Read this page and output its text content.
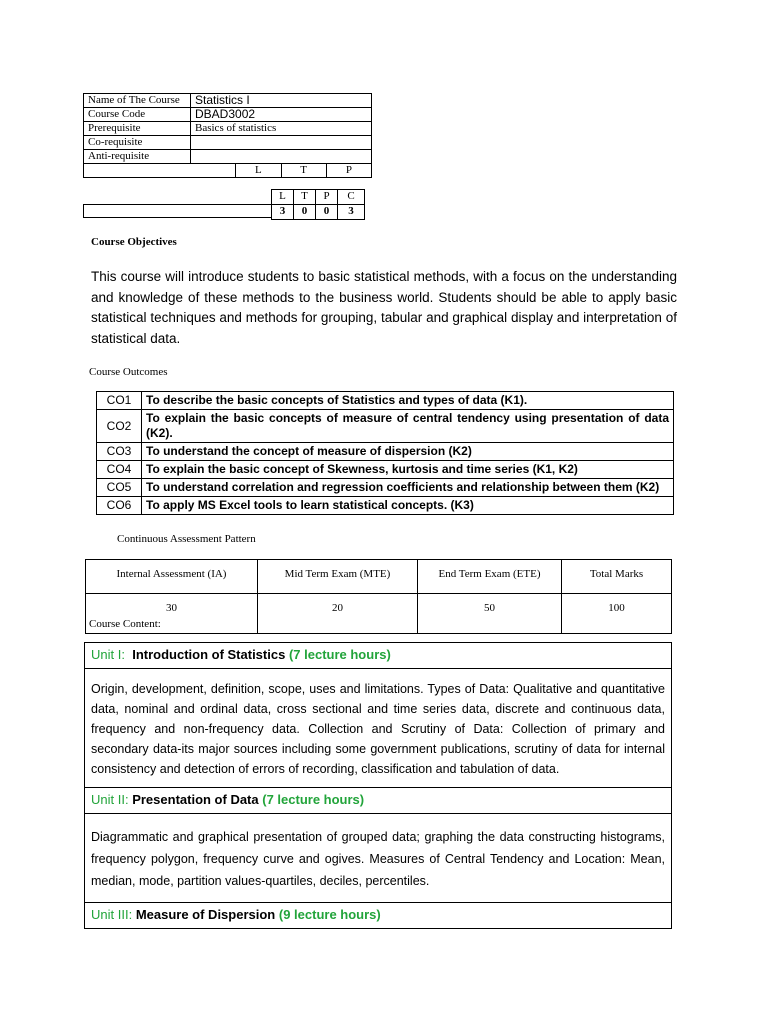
Name of The Course	Statistics I			
Course Code	DBAD3002			
Prerequisite	Basics of statistics			
Co-requisite				
Anti-requisite				
		L	T	P
L	T	P	C
3	0	0	3
Course Objectives

This course will introduce students to basic statistical methods, with a focus on the understanding and knowledge of these methods to the business world. Students should be able to apply basic statistical techniques and methods for grouping, tabular and graphical display and interpretation of statistical data.

Course Outcomes
CO1	To describe the basic concepts of Statistics and types of data (K1).
CO2	To explain the basic concepts of measure of central tendency using presentation of data (K2).
CO3	To understand the concept of measure of dispersion (K2)
CO4	To explain the basic concept of Skewness, kurtosis and time series (K1, K2)
CO5	To understand correlation and regression coefficients and relationship between them (K2)
CO6	To apply MS Excel tools to learn statistical concepts. (K3)
Continuous Assessment Pattern
Internal Assessment (IA)	Mid Term Exam (MTE)	End Term Exam (ETE)	Total Marks
30	20	50	100
Course Content:
Unit I: Introduction of Statistics (7 lecture hours)

Origin, development, definition, scope, uses and limitations. Types of Data: Qualitative and quantitative data, nominal and ordinal data, cross sectional and time series data, discrete and continuous data, frequency and non-frequency data. Collection and Scrutiny of Data: Collection of primary and secondary data-its major sources including some government publications, scrutiny of data for internal consistency and detection of errors of recording, classification and tabulation of data.

Unit II: Presentation of Data (7 lecture hours)

Diagrammatic and graphical presentation of grouped data; graphing the data constructing histograms, frequency polygon, frequency curve and ogives. Measures of Central Tendency and Location: Mean, median, mode, partition values-quartiles, deciles, percentiles.

Unit III: Measure of Dispersion (9 lecture hours)
